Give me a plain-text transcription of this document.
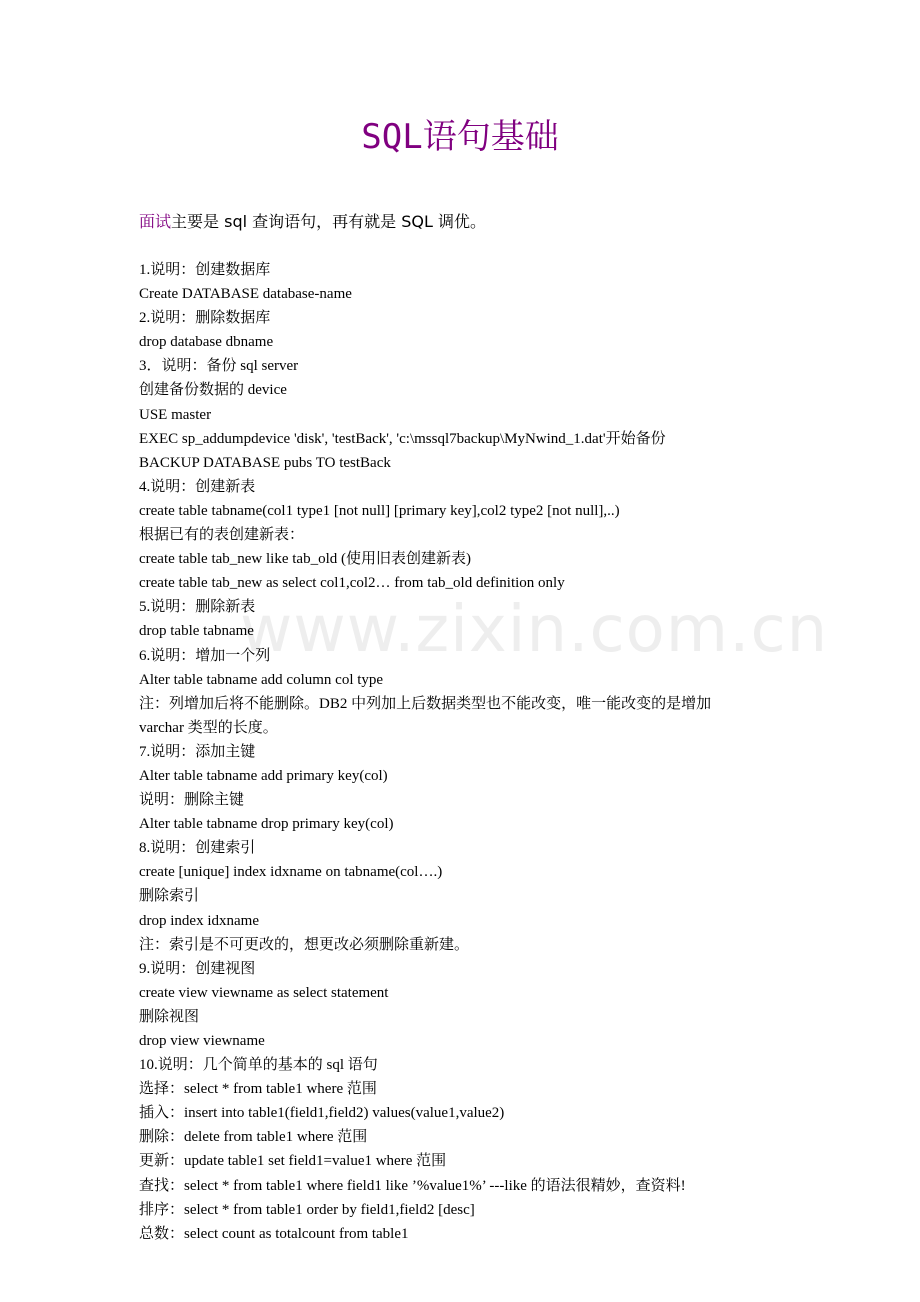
www.zixin.com.cn
SQL语句基础
面试主要是 sql 查询语句，再有就是 SQL 调优。
1.说明：创建数据库
Create DATABASE database-name
2.说明：删除数据库
drop database dbname
3．说明：备份 sql server
创建备份数据的 device
USE master
EXEC sp_addumpdevice 'disk', 'testBack', 'c:\mssql7backup\MyNwind_1.dat'开始备份
BACKUP DATABASE pubs TO testBack
4.说明：创建新表
create table tabname(col1 type1 [not null] [primary key],col2 type2 [not null],..)
根据已有的表创建新表：
create table tab_new like tab_old (使用旧表创建新表)
create table tab_new as select col1,col2… from tab_old definition only
5.说明：删除新表
drop table tabname
6.说明：增加一个列
Alter table tabname add column col type
注：列增加后将不能删除。DB2 中列加上后数据类型也不能改变，唯一能改变的是增加
varchar 类型的长度。
7.说明：添加主键
Alter table tabname add primary key(col)
说明：删除主键
Alter table tabname drop primary key(col)
8.说明：创建索引
create [unique] index idxname on tabname(col….)
删除索引
drop index idxname
注：索引是不可更改的，想更改必须删除重新建。
9.说明：创建视图
create view viewname as select statement
删除视图
drop view viewname
10.说明：几个简单的基本的 sql 语句
选择：select * from table1 where 范围
插入：insert into table1(field1,field2) values(value1,value2)
删除：delete from table1 where 范围
更新：update table1 set field1=value1 where 范围
查找：select * from table1 where field1 like ’%value1%’ ---like 的语法很精妙，查资料!
排序：select * from table1 order by field1,field2 [desc]
总数：select count as totalcount from table1
